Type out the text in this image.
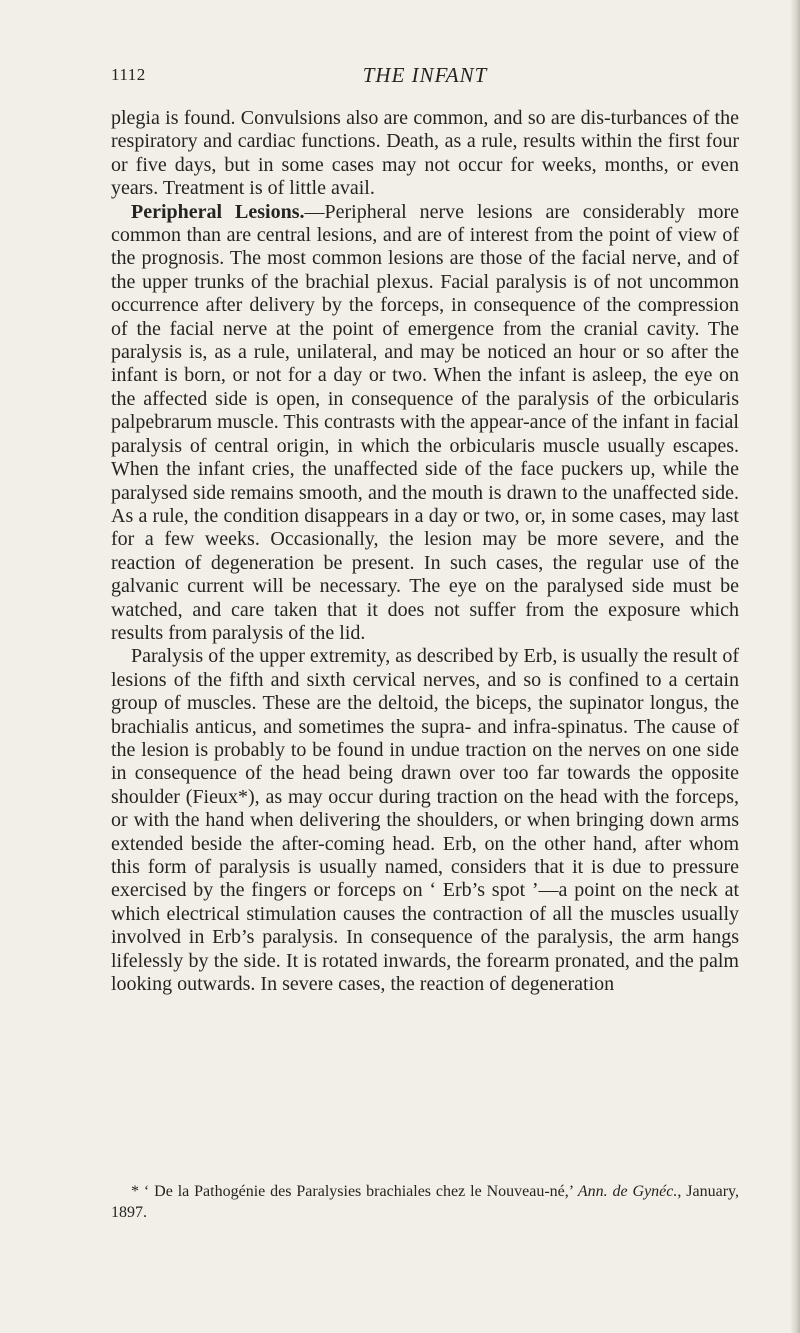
1112	THE INFANT

plegia is found. Convulsions also are common, and so are dis-turbances of the respiratory and cardiac functions. Death, as a rule, results within the first four or five days, but in some cases may not occur for weeks, months, or even years. Treatment is of little avail.

Peripheral Lesions.—Peripheral nerve lesions are considerably more common than are central lesions, and are of interest from the point of view of the prognosis. The most common lesions are those of the facial nerve, and of the upper trunks of the brachial plexus. Facial paralysis is of not uncommon occurrence after delivery by the forceps, in consequence of the compression of the facial nerve at the point of emergence from the cranial cavity. The paralysis is, as a rule, unilateral, and may be noticed an hour or so after the infant is born, or not for a day or two. When the infant is asleep, the eye on the affected side is open, in consequence of the paralysis of the orbicularis palpebrarum muscle. This contrasts with the appear-ance of the infant in facial paralysis of central origin, in which the orbicularis muscle usually escapes. When the infant cries, the unaffected side of the face puckers up, while the paralysed side remains smooth, and the mouth is drawn to the unaffected side. As a rule, the condition disappears in a day or two, or, in some cases, may last for a few weeks. Occasionally, the lesion may be more severe, and the reaction of degeneration be present. In such cases, the regular use of the galvanic current will be necessary. The eye on the paralysed side must be watched, and care taken that it does not suffer from the exposure which results from paralysis of the lid.

Paralysis of the upper extremity, as described by Erb, is usually the result of lesions of the fifth and sixth cervical nerves, and so is confined to a certain group of muscles. These are the deltoid, the biceps, the supinator longus, the brachialis anticus, and sometimes the supra- and infra-spinatus. The cause of the lesion is probably to be found in undue traction on the nerves on one side in consequence of the head being drawn over too far towards the opposite shoulder (Fieux*), as may occur during traction on the head with the forceps, or with the hand when delivering the shoulders, or when bringing down arms extended beside the after-coming head. Erb, on the other hand, after whom this form of paralysis is usually named, considers that it is due to pressure exercised by the fingers or forceps on ‘ Erb’s spot ’—a point on the neck at which electrical stimulation causes the contraction of all the muscles usually involved in Erb’s paralysis. In consequence of the paralysis, the arm hangs lifelessly by the side. It is rotated inwards, the forearm pronated, and the palm looking outwards. In severe cases, the reaction of degeneration

* ‘ De la Pathogénie des Paralysies brachiales chez le Nouveau-né,’ Ann. de Gynéc., January, 1897.
